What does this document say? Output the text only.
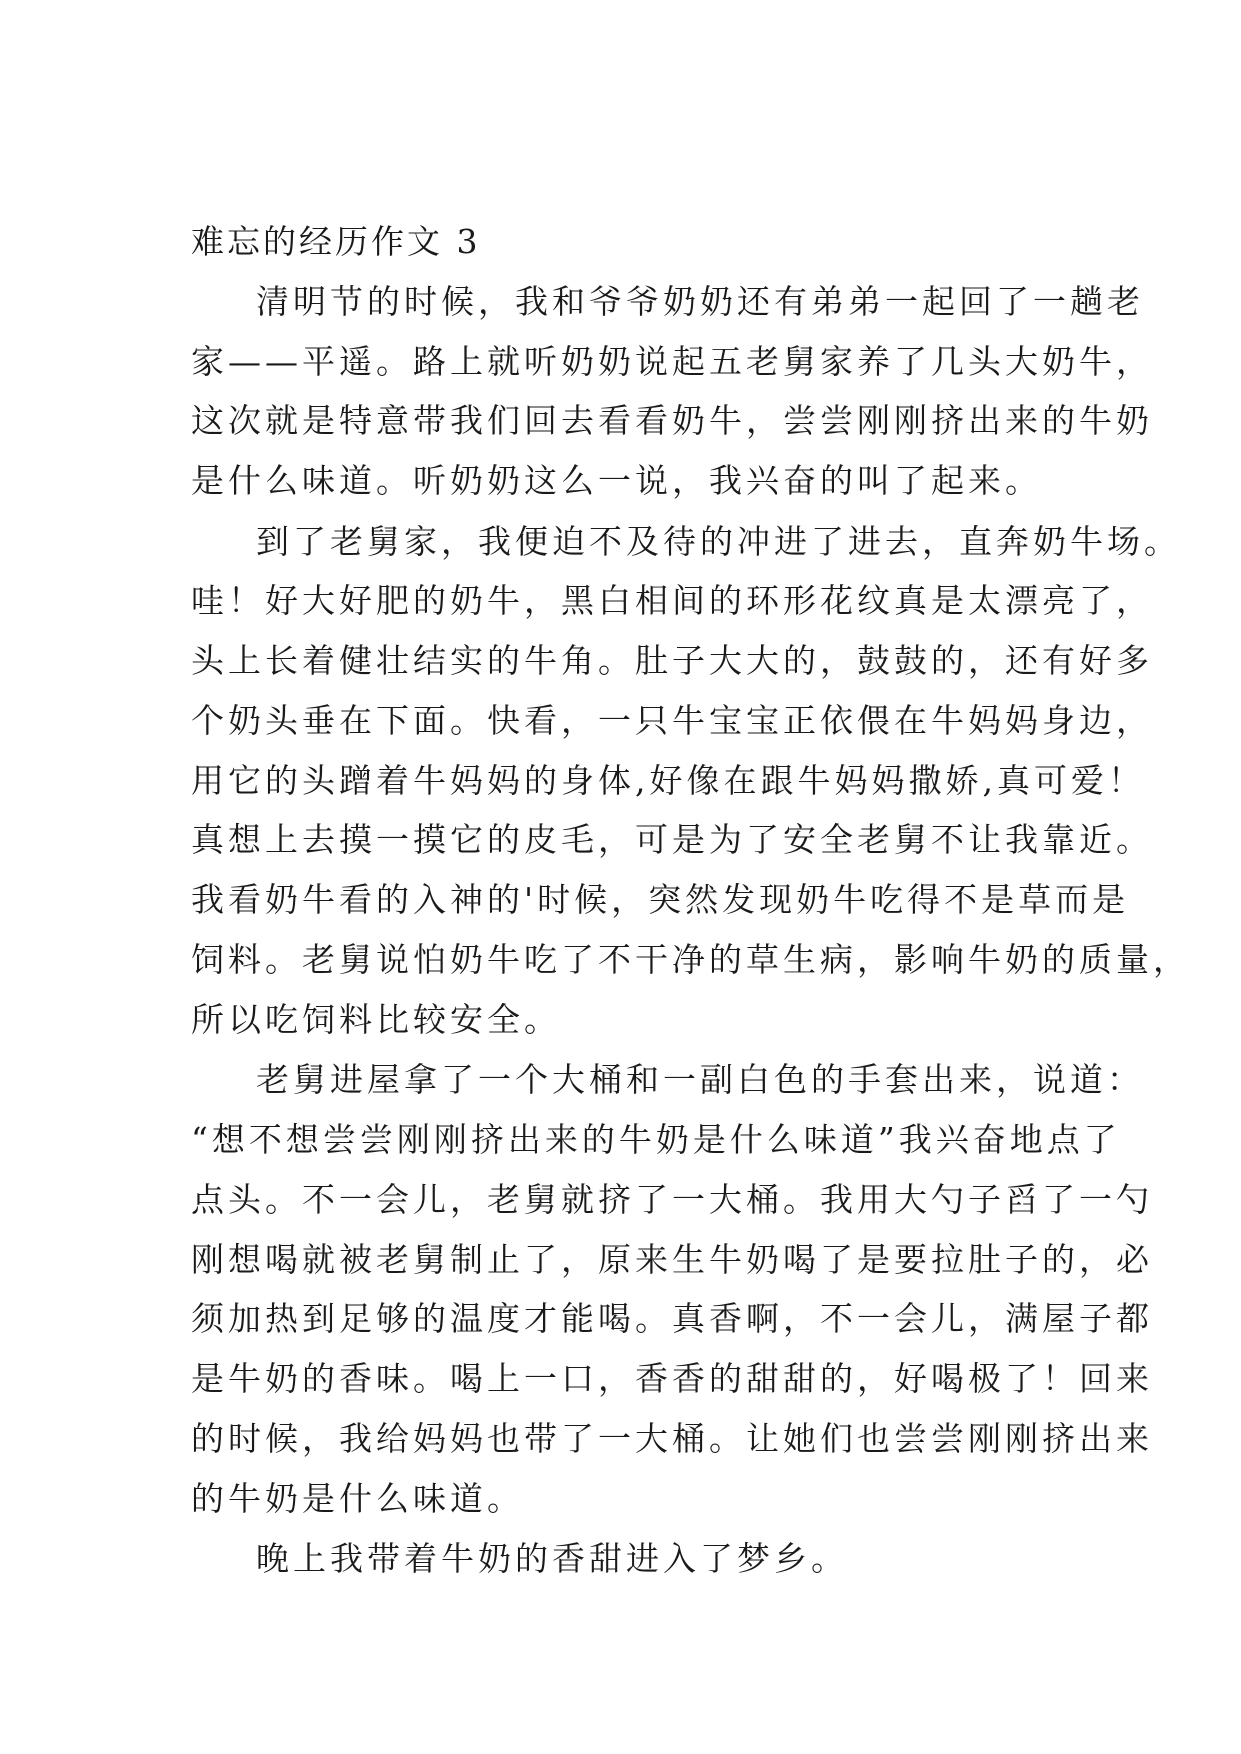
难忘的经历作文 3
清明节的时候，我和爷爷奶奶还有弟弟一起回了一趟老
家——平遥。路上就听奶奶说起五老舅家养了几头大奶牛，
这次就是特意带我们回去看看奶牛，尝尝刚刚挤出来的牛奶
是什么味道。听奶奶这么一说，我兴奋的叫了起来。
到了老舅家，我便迫不及待的冲进了进去，直奔奶牛场。
哇！好大好肥的奶牛，黑白相间的环形花纹真是太漂亮了，
头上长着健壮结实的牛角。肚子大大的，鼓鼓的，还有好多
个奶头垂在下面。快看，一只牛宝宝正依偎在牛妈妈身边，
用它的头蹭着牛妈妈的身体,好像在跟牛妈妈撒娇,真可爱！
真想上去摸一摸它的皮毛，可是为了安全老舅不让我靠近。
我看奶牛看的入神的'时候，突然发现奶牛吃得不是草而是
饲料。老舅说怕奶牛吃了不干净的草生病，影响牛奶的质量，
所以吃饲料比较安全。
老舅进屋拿了一个大桶和一副白色的手套出来，说道：
“想不想尝尝刚刚挤出来的牛奶是什么味道”我兴奋地点了
点头。不一会儿，老舅就挤了一大桶。我用大勺子舀了一勺
刚想喝就被老舅制止了，原来生牛奶喝了是要拉肚子的，必
须加热到足够的温度才能喝。真香啊，不一会儿，满屋子都
是牛奶的香味。喝上一口，香香的甜甜的，好喝极了！回来
的时候，我给妈妈也带了一大桶。让她们也尝尝刚刚挤出来
的牛奶是什么味道。
晚上我带着牛奶的香甜进入了梦乡。
